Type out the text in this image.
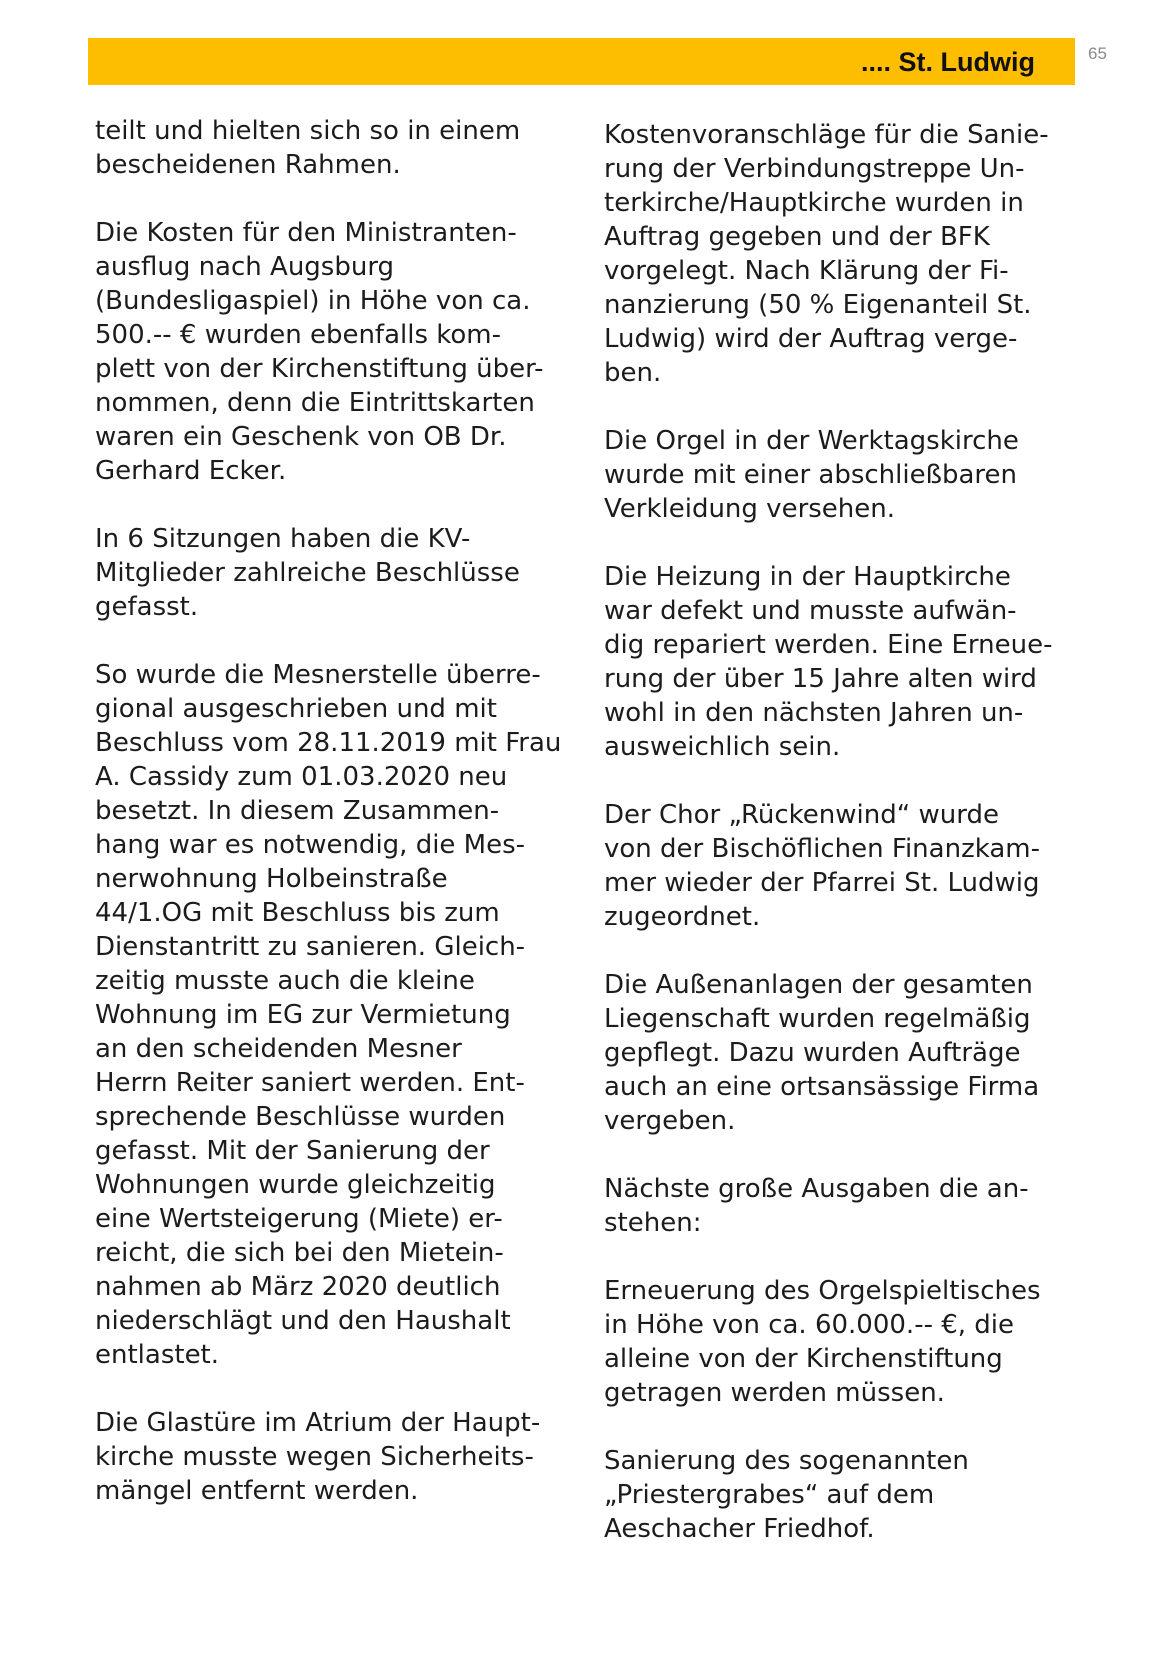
.... St. Ludwig	65

teilt und hielten sich so in einem
bescheidenen Rahmen.

Die Kosten für den Ministranten-
ausflug nach Augsburg
(Bundesligaspiel) in Höhe von ca.
500.-- € wurden ebenfalls kom-
plett von der Kirchenstiftung über-
nommen, denn die Eintrittskarten
waren ein Geschenk von OB Dr.
Gerhard Ecker.

In 6 Sitzungen haben die KV-
Mitglieder zahlreiche Beschlüsse
gefasst.

So wurde die Mesnerstelle überre-
gional ausgeschrieben und mit
Beschluss vom 28.11.2019 mit Frau
A. Cassidy zum 01.03.2020 neu
besetzt. In diesem Zusammen-
hang war es notwendig, die Mes-
nerwohnung Holbeinstraße
44/1.OG mit Beschluss bis zum
Dienstantritt zu sanieren. Gleich-
zeitig musste auch die kleine
Wohnung im EG zur Vermietung
an den scheidenden Mesner
Herrn Reiter saniert werden. Ent-
sprechende Beschlüsse wurden
gefasst. Mit der Sanierung der
Wohnungen wurde gleichzeitig
eine Wertsteigerung (Miete) er-
reicht, die sich bei den Mietein-
nahmen ab März 2020 deutlich
niederschlägt und den Haushalt
entlastet.

Die Glastüre im Atrium der Haupt-
kirche musste wegen Sicherheits-
mängel entfernt werden.

Kostenvoranschläge für die Sanie-
rung der Verbindungstreppe Un-
terkirche/Hauptkirche wurden in
Auftrag gegeben und der BFK
vorgelegt. Nach Klärung der Fi-
nanzierung (50 % Eigenanteil St.
Ludwig) wird der Auftrag verge-
ben.

Die Orgel in der Werktagskirche
wurde mit einer abschließbaren
Verkleidung versehen.

Die Heizung in der Hauptkirche
war defekt und musste aufwän-
dig repariert werden. Eine Erneue-
rung der über 15 Jahre alten wird
wohl in den nächsten Jahren un-
ausweichlich sein.

Der Chor „Rückenwind“ wurde
von der Bischöflichen Finanzkam-
mer wieder der Pfarrei St. Ludwig
zugeordnet.

Die Außenanlagen der gesamten
Liegenschaft wurden regelmäßig
gepflegt. Dazu wurden Aufträge
auch an eine ortsansässige Firma
vergeben.

Nächste große Ausgaben die an-
stehen:

Erneuerung des Orgelspieltisches
in Höhe von ca. 60.000.-- €, die
alleine von der Kirchenstiftung
getragen werden müssen.

Sanierung des sogenannten
„Priestergrabes“ auf dem
Aeschacher Friedhof.
